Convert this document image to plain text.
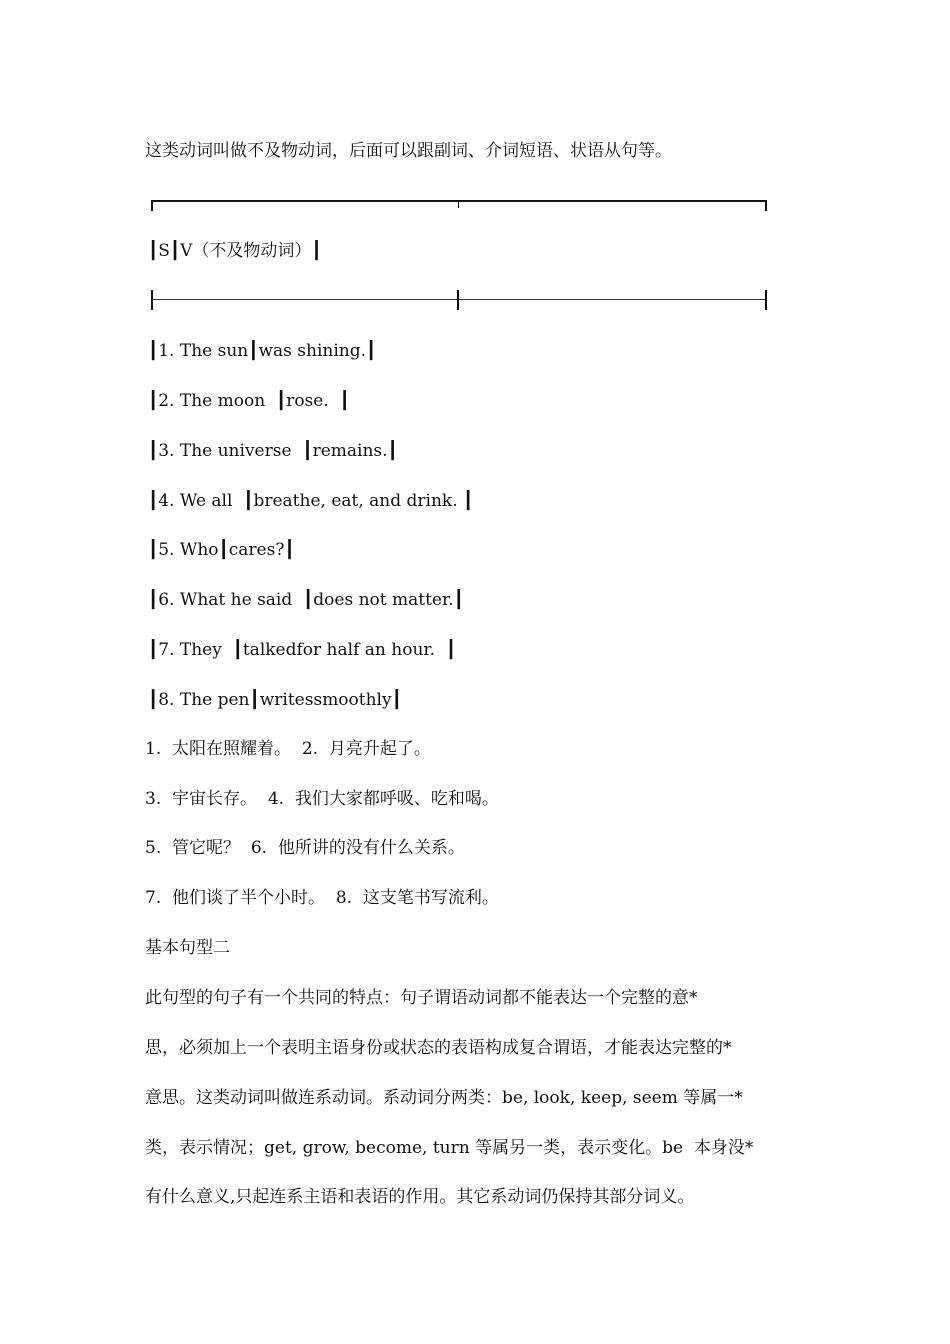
这类动词叫做不及物动词，后面可以跟副词、介词短语、状语从句等。
┃S┃V（不及物动词）┃
┃1. The sun┃was shining.┃
┃2. The moon  ┃rose.  ┃
┃3. The universe  ┃remains.┃
┃4. We all  ┃breathe, eat, and drink. ┃
┃5. Who┃cares?┃
┃6. What he said  ┃does not matter.┃
┃7. They  ┃talkedfor half an hour.  ┃
┃8. The pen┃writessmoothly┃
1.  太阳在照耀着。  2.  月亮升起了。
3.  宇宙长存。  4.  我们大家都呼吸、吃和喝。
5.  管它呢？  6.  他所讲的没有什么关系。
7.  他们谈了半个小时。  8.  这支笔书写流利。
基本句型二
此句型的句子有一个共同的特点：句子谓语动词都不能表达一个完整的意*
思，必须加上一个表明主语身份或状态的表语构成复合谓语，才能表达完整的*
意思。这类动词叫做连系动词。系动词分两类：be, look, keep, seem 等属一*
类，表示情况；get, grow, become, turn 等属另一类，表示变化。be  本身没*
有什么意义,只起连系主语和表语的作用。其它系动词仍保持其部分词义。
